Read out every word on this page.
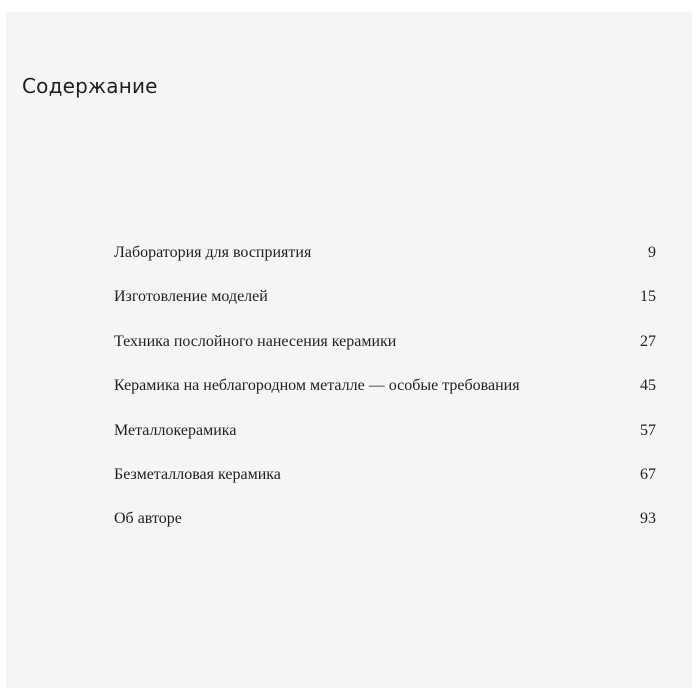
Содержание
Лаборатория для восприятия	9
Изготовление моделей	15
Техника послойного нанесения керамики	27
Керамика на неблагородном металле — особые требования	45
Металлокерамика	57
Безметалловая керамика	67
Об авторе	93
